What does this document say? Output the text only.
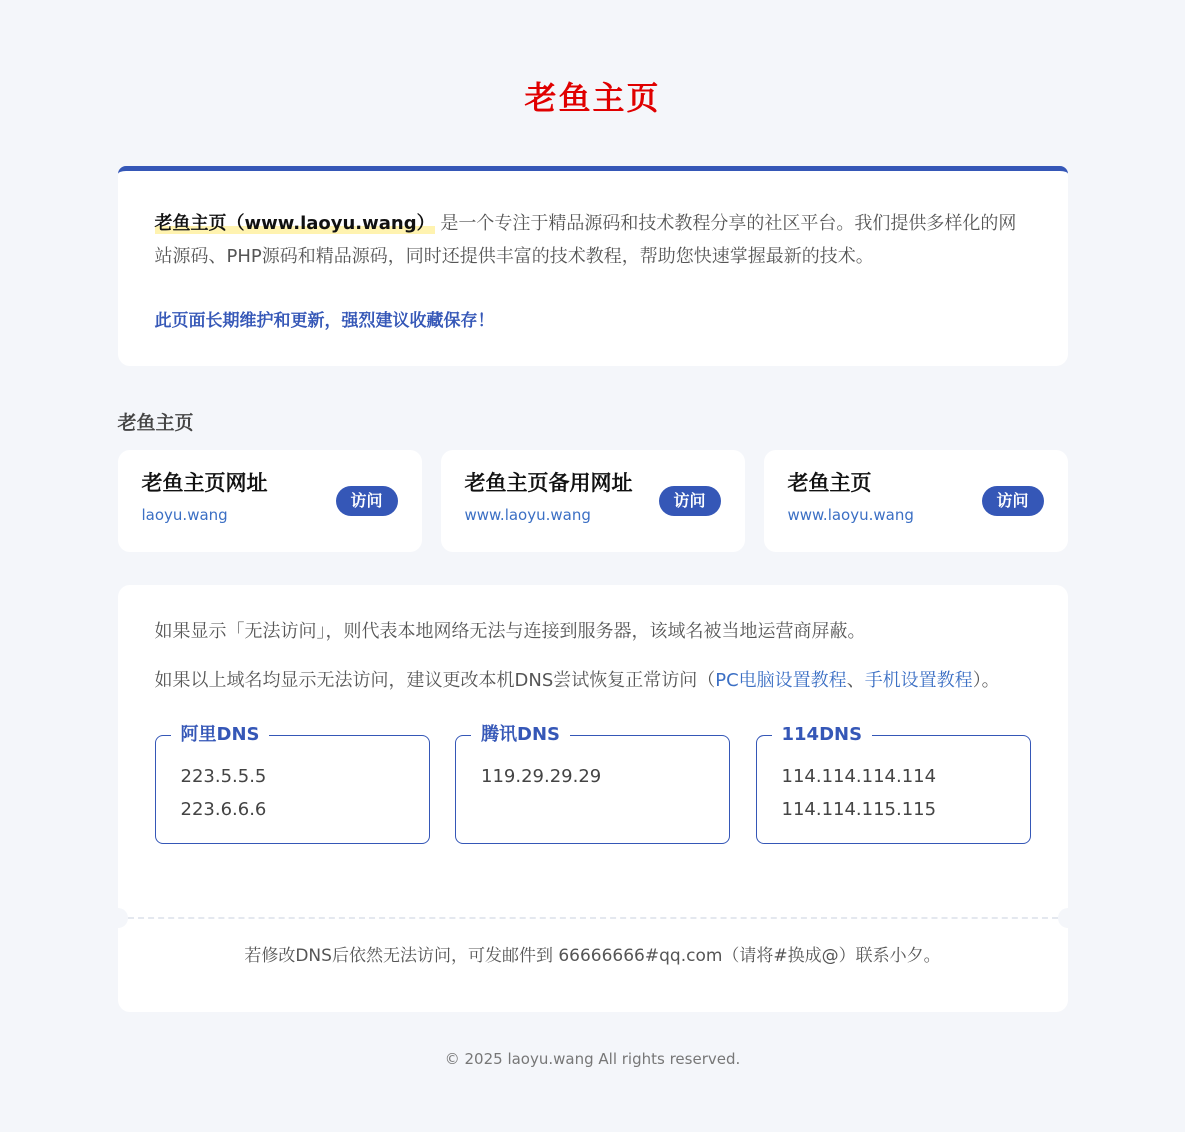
老鱼主页

老鱼主页（www.laoyu.wang） 是一个专注于精品源码和技术教程分享的社区平台。我们提供多样化的网站源码、PHP源码和精品源码，同时还提供丰富的技术教程，帮助您快速掌握最新的技术。

此页面长期维护和更新，强烈建议收藏保存！

老鱼主页
老鱼主页网址
laoyu.wang
访问
老鱼主页备用网址
www.laoyu.wang
访问
老鱼主页
www.laoyu.wang
访问

如果显示「无法访问」，则代表本地网络无法与连接到服务器，该域名被当地运营商屏蔽。

如果以上域名均显示无法访问，建议更改本机DNS尝试恢复正常访问（PC电脑设置教程、手机设置教程）。

阿里DNS
223.5.5.5
223.6.6.6
腾讯DNS
119.29.29.29
114DNS
114.114.114.114
114.114.115.115
若修改DNS后依然无法访问，可发邮件到 66666666#qq.com（请将#换成@）联系小夕。
© 2025 laoyu.wang All rights reserved.
